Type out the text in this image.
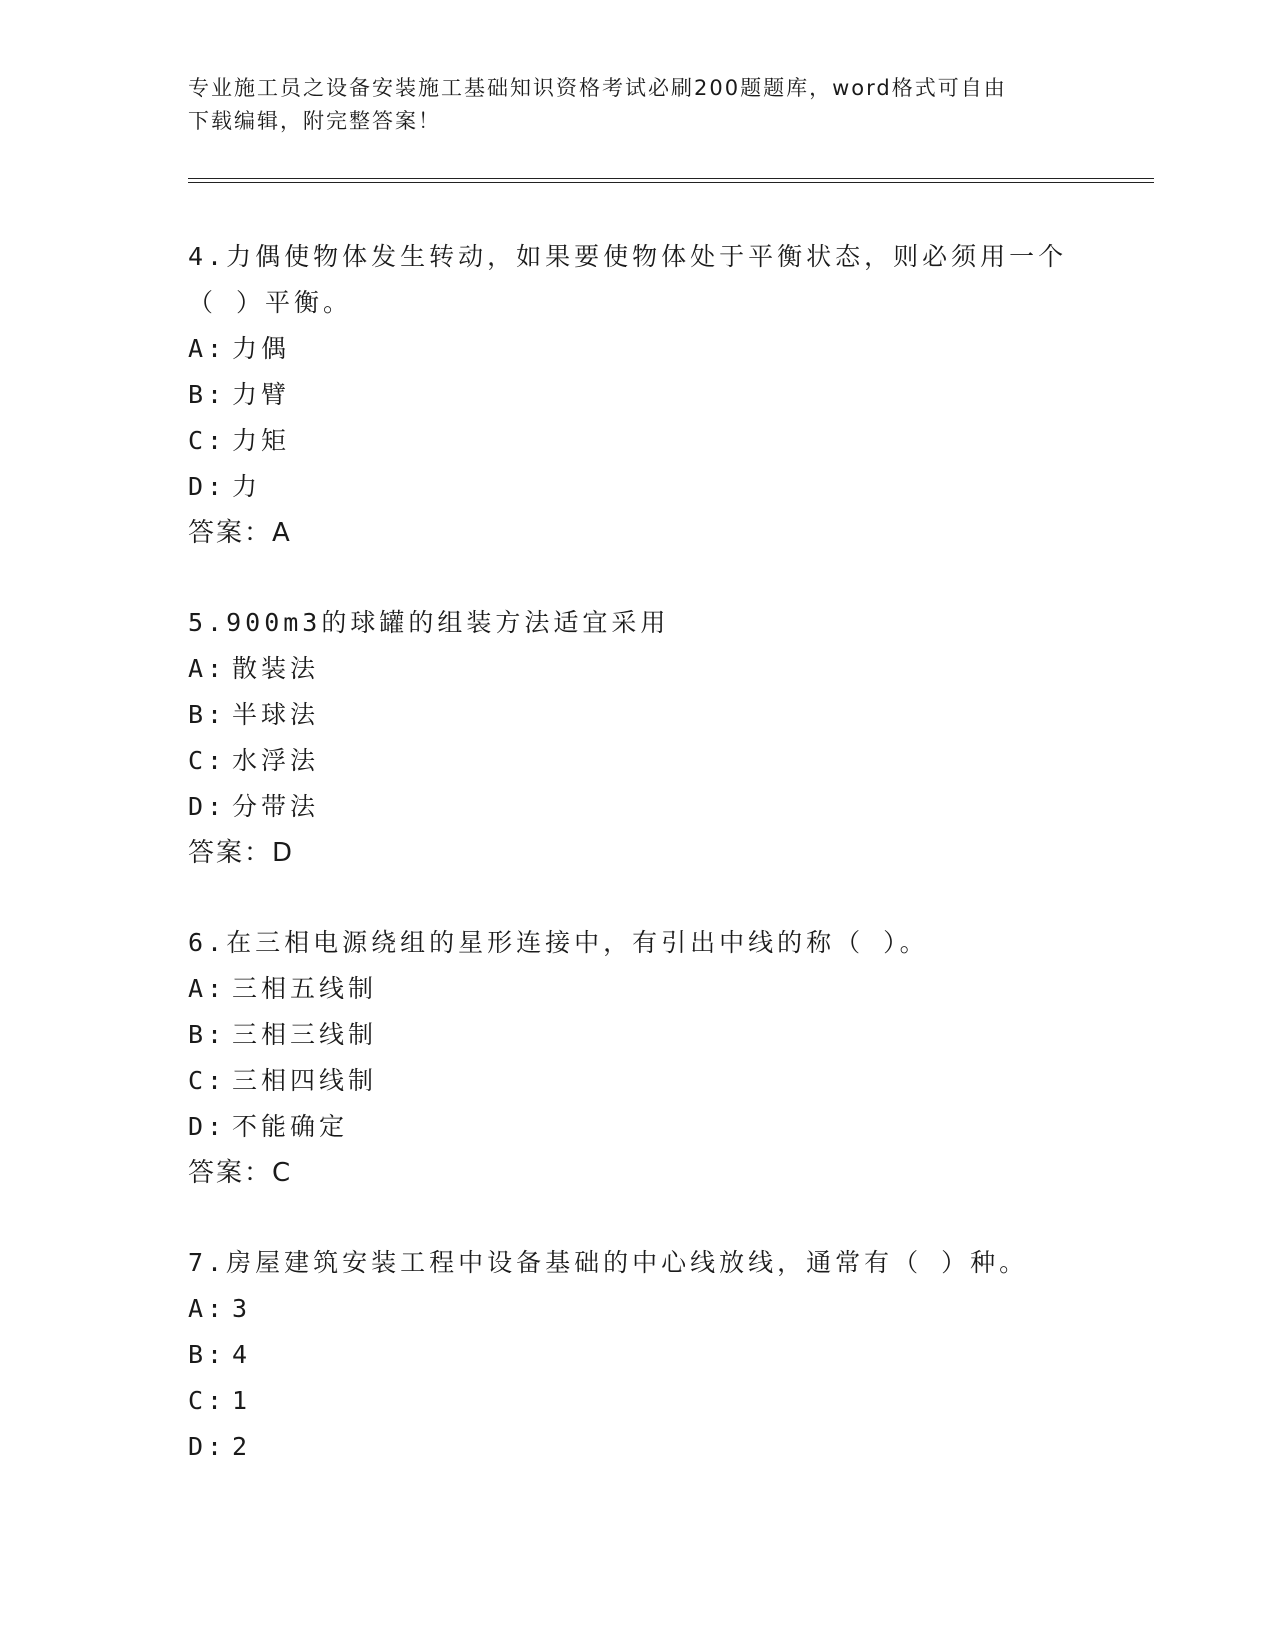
专业施工员之设备安装施工基础知识资格考试必刷200题题库，word格式可自由
下载编辑，附完整答案！
4.力偶使物体发生转动，如果要使物体处于平衡状态，则必须用一个
（ ）平衡。
A: 力偶
B: 力臂
C: 力矩
D: 力
答案：A
5.900m3的球罐的组装方法适宜采用
A: 散装法
B: 半球法
C: 水浮法
D: 分带法
答案：D
6.在三相电源绕组的星形连接中，有引出中线的称（ ）。
A: 三相五线制
B: 三相三线制
C: 三相四线制
D: 不能确定
答案：C
7.房屋建筑安装工程中设备基础的中心线放线，通常有（ ）种。
A: 3
B: 4
C: 1
D: 2
